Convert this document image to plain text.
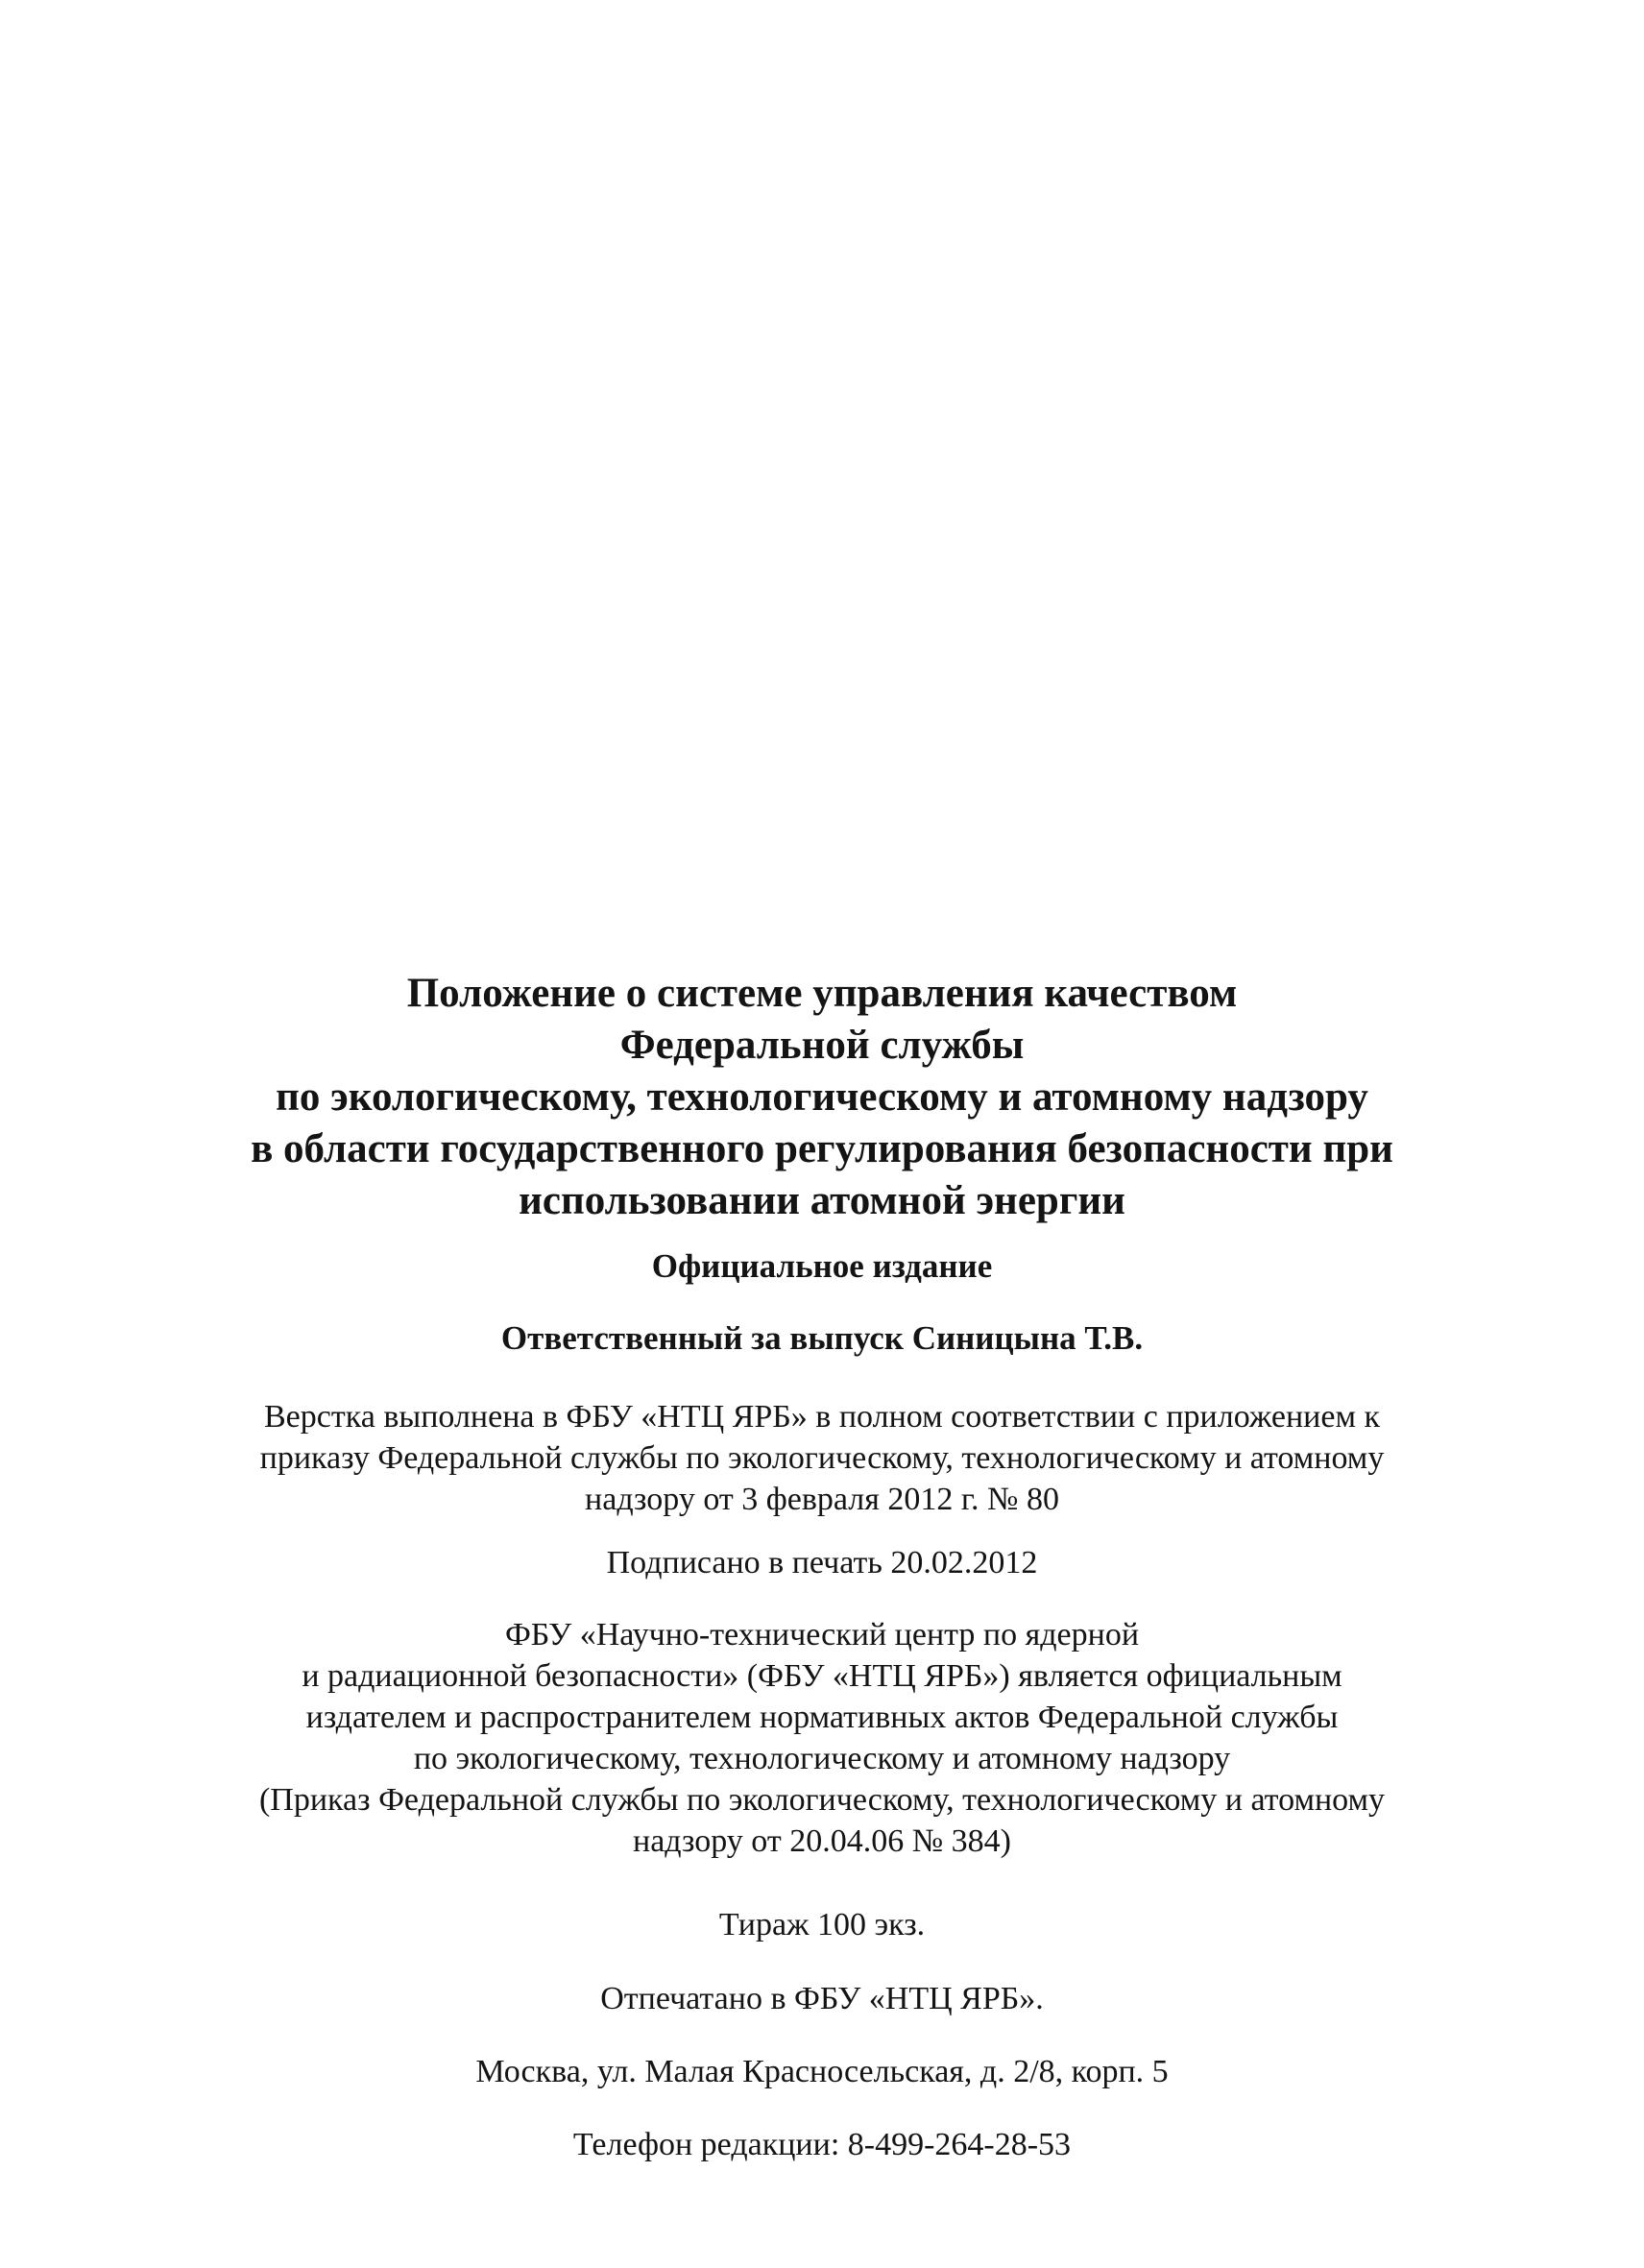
Положение о системе управления качеством
Федеральной службы
по экологическому, технологическому и атомному надзору
в области государственного регулирования безопасности при
использовании атомной энергии
Официальное издание
Ответственный за выпуск Синицына Т.В.
Верстка выполнена в ФБУ «НТЦ ЯРБ» в полном соответствии с приложением к
приказу Федеральной службы по экологическому, технологическому и атомному
надзору от 3 февраля 2012 г. № 80
Подписано в печать 20.02.2012
ФБУ «Научно-технический центр по ядерной
и радиационной безопасности» (ФБУ «НТЦ ЯРБ») является официальным
издателем и распространителем нормативных актов Федеральной службы
по экологическому, технологическому и атомному надзору
(Приказ Федеральной службы по экологическому, технологическому и атомному
надзору от 20.04.06 № 384)
Тираж 100 экз.
Отпечатано в ФБУ «НТЦ ЯРБ».
Москва, ул. Малая Красносельская, д. 2/8, корп. 5
Телефон редакции: 8-499-264-28-53
